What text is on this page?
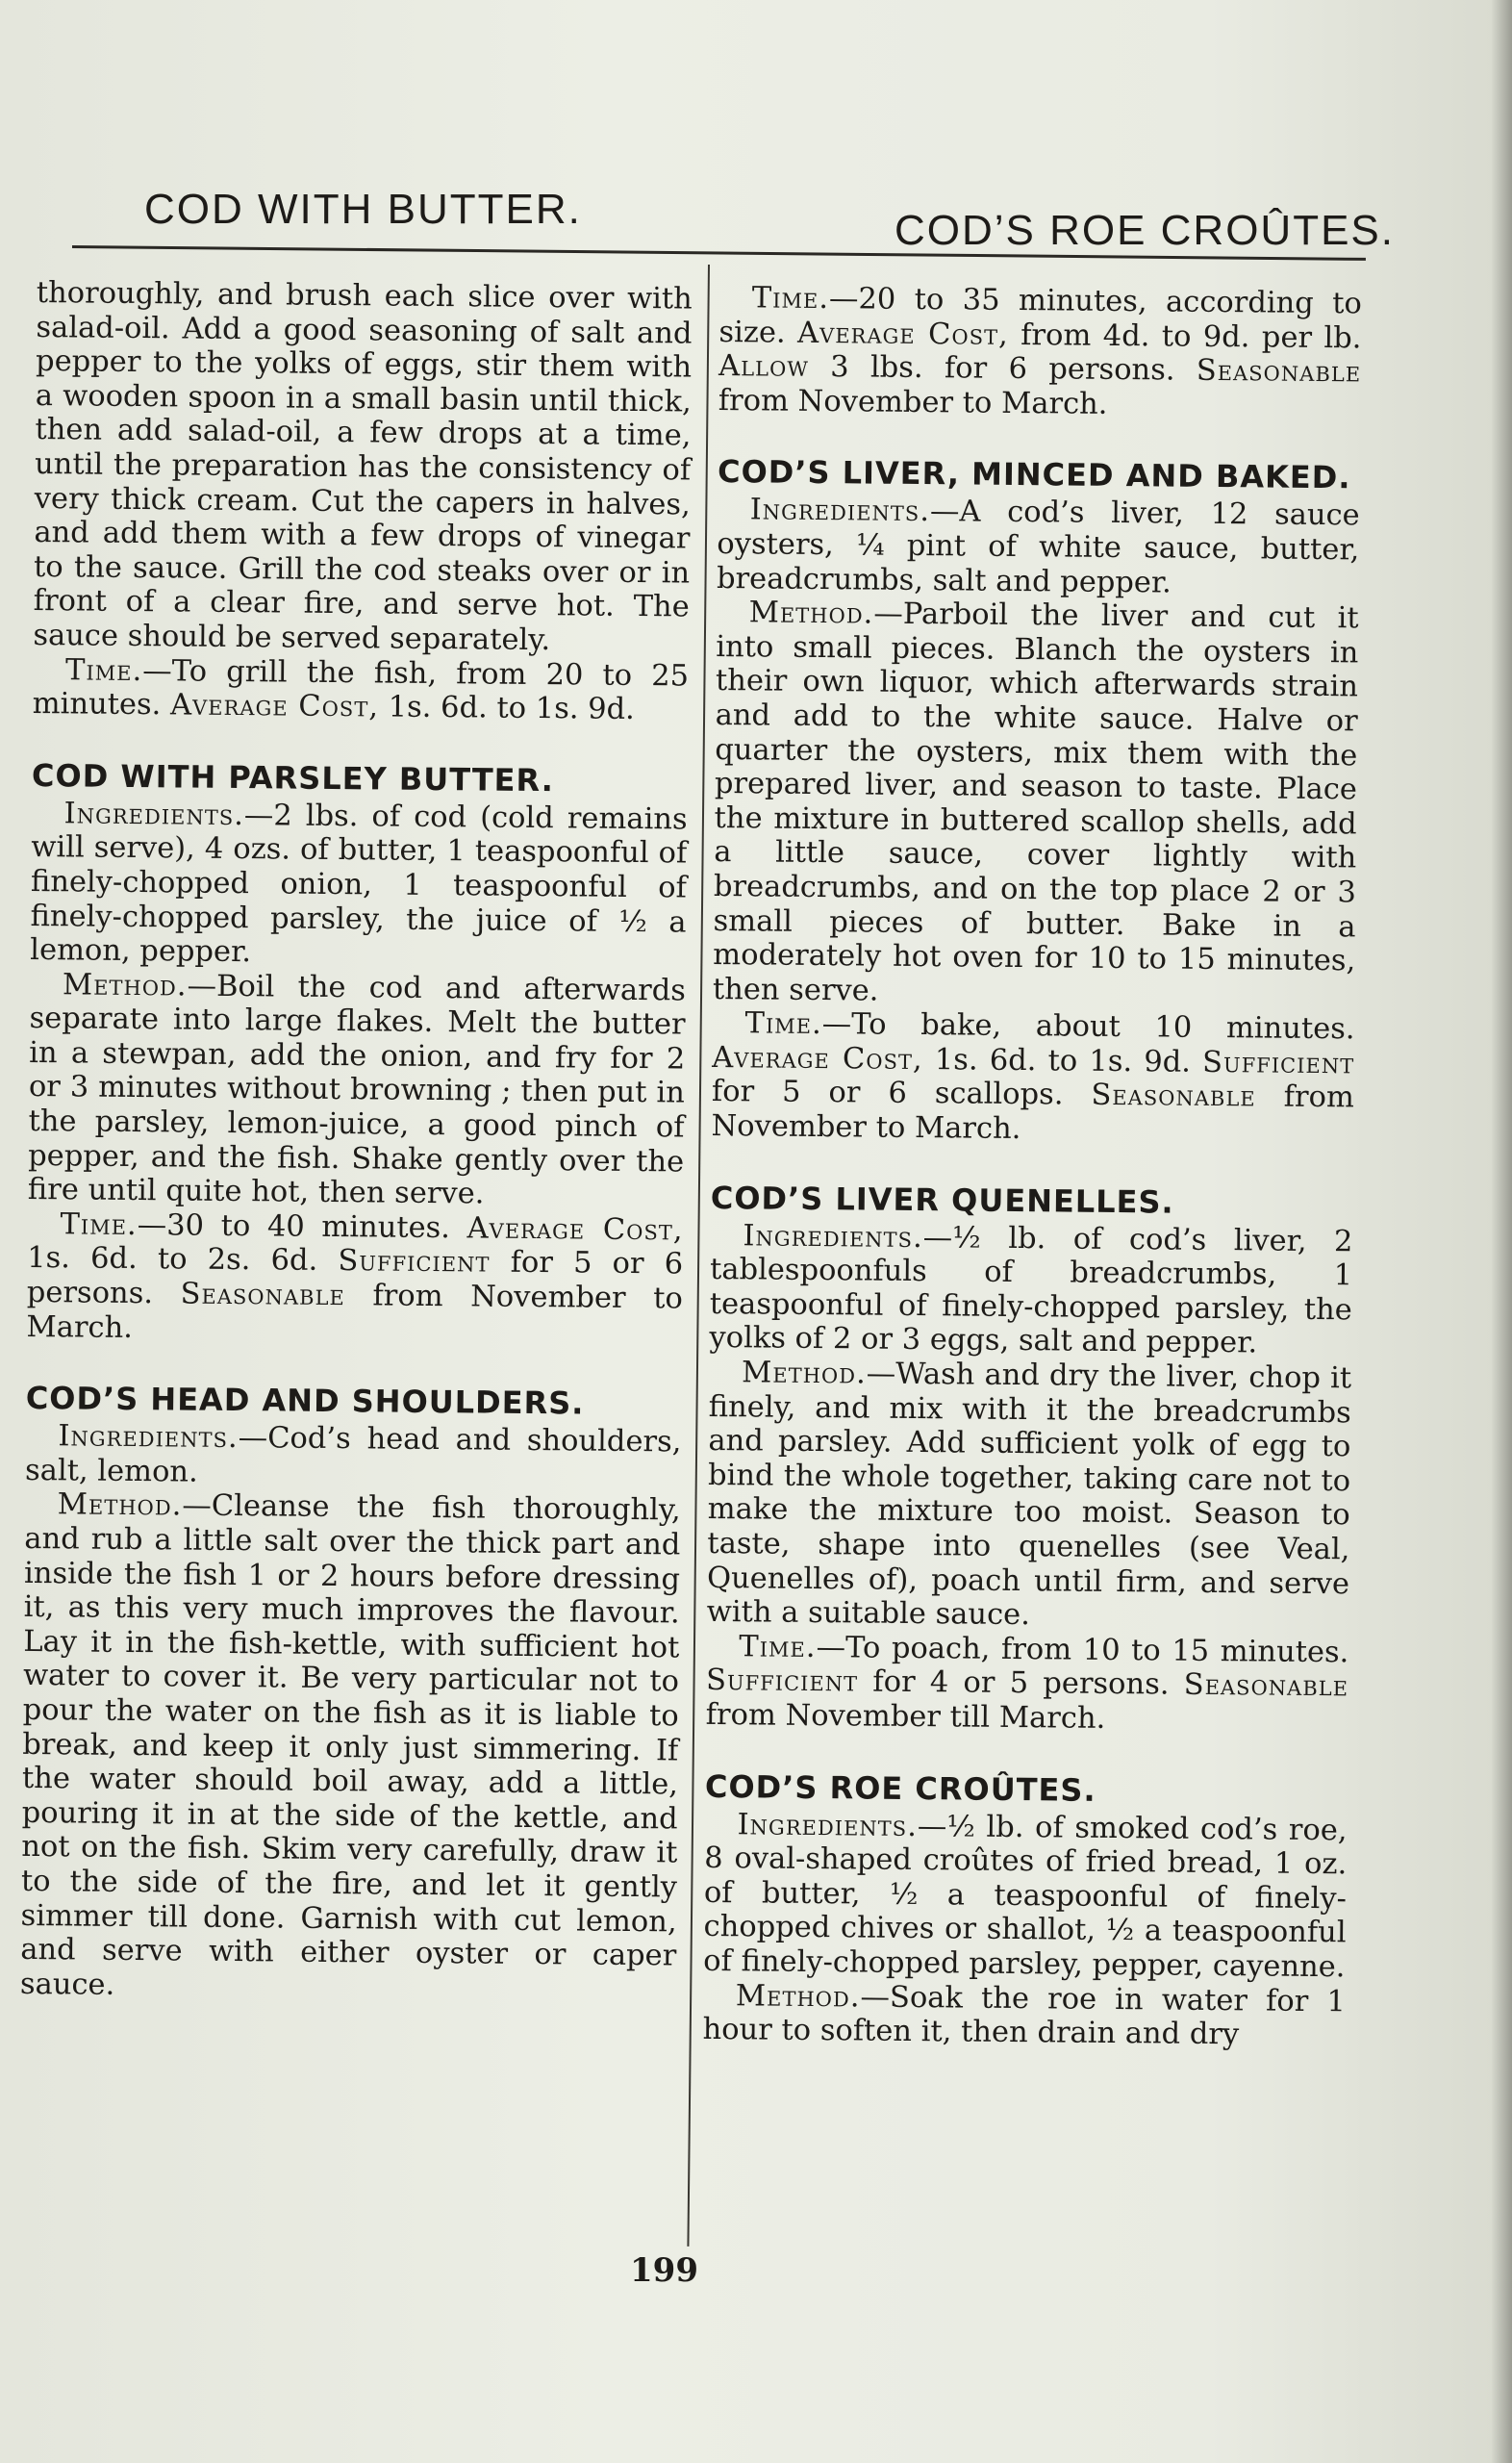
COD WITH BUTTER.	COD’S ROE CROÛTES.

thoroughly, and brush each slice over with salad-oil. Add a good seasoning of salt and pepper to the yolks of eggs, stir them with a wooden spoon in a small basin until thick, then add salad-oil, a few drops at a time, until the preparation has the consistency of very thick cream. Cut the capers in halves, and add them with a few drops of vinegar to the sauce. Grill the cod steaks over or in front of a clear fire, and serve hot. The sauce should be served separately.

Time.—To grill the fish, from 20 to 25 minutes. Average Cost, 1s. 6d. to 1s. 9d.

COD WITH PARSLEY BUTTER.

Ingredients.—2 lbs. of cod (cold remains will serve), 4 ozs. of butter, 1 teaspoonful of finely-chopped onion, 1 teaspoonful of finely-chopped parsley, the juice of ½ a lemon, pepper.

Method.—Boil the cod and afterwards separate into large flakes. Melt the butter in a stewpan, add the onion, and fry for 2 or 3 minutes without browning ; then put in the parsley, lemon-juice, a good pinch of pepper, and the fish. Shake gently over the fire until quite hot, then serve.

Time.—30 to 40 minutes. Average Cost, 1s. 6d. to 2s. 6d. Sufficient for 5 or 6 persons. Seasonable from November to March.

COD’S HEAD AND SHOULDERS.

Ingredients.—Cod’s head and shoulders, salt, lemon.

Method.—Cleanse the fish thoroughly, and rub a little salt over the thick part and inside the fish 1 or 2 hours before dressing it, as this very much improves the flavour. Lay it in the fish-kettle, with sufficient hot water to cover it. Be very particular not to pour the water on the fish as it is liable to break, and keep it only just simmering. If the water should boil away, add a little, pouring it in at the side of the kettle, and not on the fish. Skim very carefully, draw it to the side of the fire, and let it gently simmer till done. Garnish with cut lemon, and serve with either oyster or caper sauce.

Time.—20 to 35 minutes, according to size. Average Cost, from 4d. to 9d. per lb. Allow 3 lbs. for 6 persons. Seasonable from November to March.

COD’S LIVER, MINCED AND BAKED.

Ingredients.—A cod’s liver, 12 sauce oysters, ¼ pint of white sauce, butter, breadcrumbs, salt and pepper.

Method.—Parboil the liver and cut it into small pieces. Blanch the oysters in their own liquor, which afterwards strain and add to the white sauce. Halve or quarter the oysters, mix them with the prepared liver, and season to taste. Place the mixture in buttered scallop shells, add a little sauce, cover lightly with breadcrumbs, and on the top place 2 or 3 small pieces of butter. Bake in a moderately hot oven for 10 to 15 minutes, then serve.

Time.—To bake, about 10 minutes. Average Cost, 1s. 6d. to 1s. 9d. Sufficient for 5 or 6 scallops. Seasonable from November to March.

COD’S LIVER QUENELLES.

Ingredients.—½ lb. of cod’s liver, 2 tablespoonfuls of breadcrumbs, 1 teaspoonful of finely-chopped parsley, the yolks of 2 or 3 eggs, salt and pepper.

Method.—Wash and dry the liver, chop it finely, and mix with it the breadcrumbs and parsley. Add sufficient yolk of egg to bind the whole together, taking care not to make the mixture too moist. Season to taste, shape into quenelles (see Veal, Quenelles of), poach until firm, and serve with a suitable sauce.

Time.—To poach, from 10 to 15 minutes. Sufficient for 4 or 5 persons. Seasonable from November till March.

COD’S ROE CROÛTES.

Ingredients.—½ lb. of smoked cod’s roe, 8 oval-shaped croûtes of fried bread, 1 oz. of butter, ½ a teaspoonful of finely-chopped chives or shallot, ½ a teaspoonful of finely-chopped parsley, pepper, cayenne.

Method.—Soak the roe in water for 1 hour to soften it, then drain and dry

199
